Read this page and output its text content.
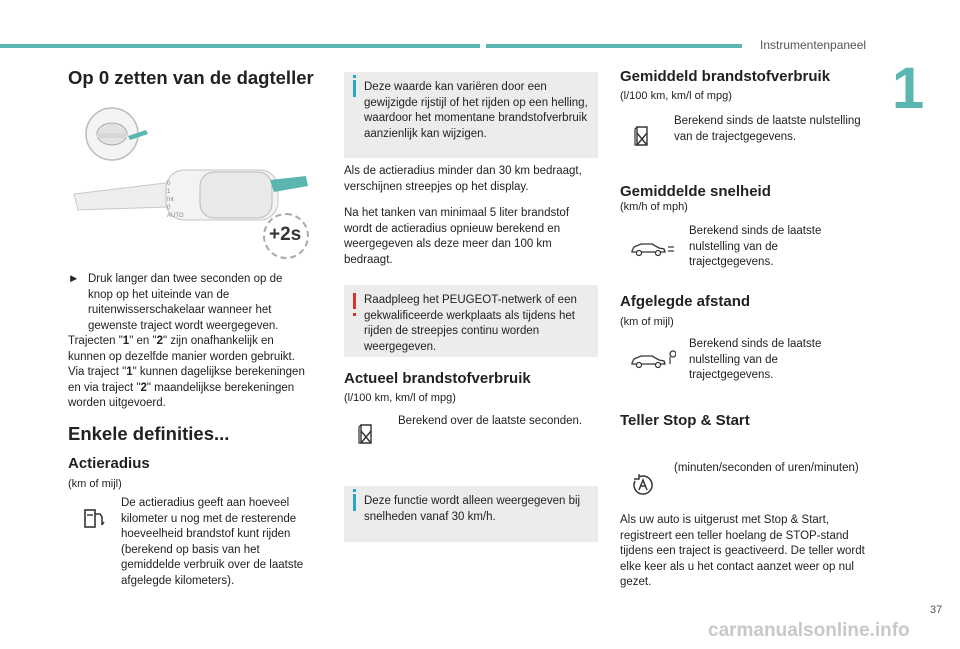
Instrumentenpaneel
1
Op 0 zetten van de dagteller
0
1
Int
0
AUTO
+2s
► Druk langer dan twee seconden op de knop op het uiteinde van de ruitenwisserschakelaar wanneer het gewenste traject wordt weergegeven.
Trajecten "1" en "2" zijn onafhankelijk en
kunnen op dezelfde manier worden gebruikt.
Via traject "1" kunnen dagelijkse berekeningen
en via traject "2" maandelijkse berekeningen
worden uitgevoerd.
Enkele definities...
Actieradius
(km of mijl)
De actieradius geeft aan hoeveel kilometer u nog met de resterende hoeveelheid brandstof kunt rijden (berekend op basis van het gemiddelde verbruik over de laatste afgelegde kilometers).
Deze waarde kan variëren door een gewijzigde rijstijl of het rijden op een helling, waardoor het momentane brandstofverbruik aanzienlijk kan wijzigen.
Als de actieradius minder dan 30 km bedraagt, verschijnen streepjes op het display.
Na het tanken van minimaal 5 liter brandstof wordt de actieradius opnieuw berekend en weergegeven als deze meer dan 100 km bedraagt.
Raadpleeg het PEUGEOT-netwerk of een gekwalificeerde werkplaats als tijdens het rijden de streepjes continu worden weergegeven.
Actueel brandstofverbruik
(l/100 km, km/l of mpg)
Berekend over de laatste seconden.
Deze functie wordt alleen weergegeven bij snelheden vanaf 30 km/h.
Gemiddeld brandstofverbruik
(l/100 km, km/l of mpg)
Berekend sinds de laatste nulstelling van de trajectgegevens.
Gemiddelde snelheid
(km/h of mph)
Berekend sinds de laatste nulstelling van de trajectgegevens.
Afgelegde afstand
(km of mijl)
Berekend sinds de laatste nulstelling van de trajectgegevens.
Teller Stop & Start
(minuten/seconden of uren/minuten)
Als uw auto is uitgerust met Stop & Start, registreert een teller hoelang de STOP-stand tijdens een traject is geactiveerd. De teller wordt elke keer als u het contact aanzet weer op nul gezet.
37
carmanualsonline.info
